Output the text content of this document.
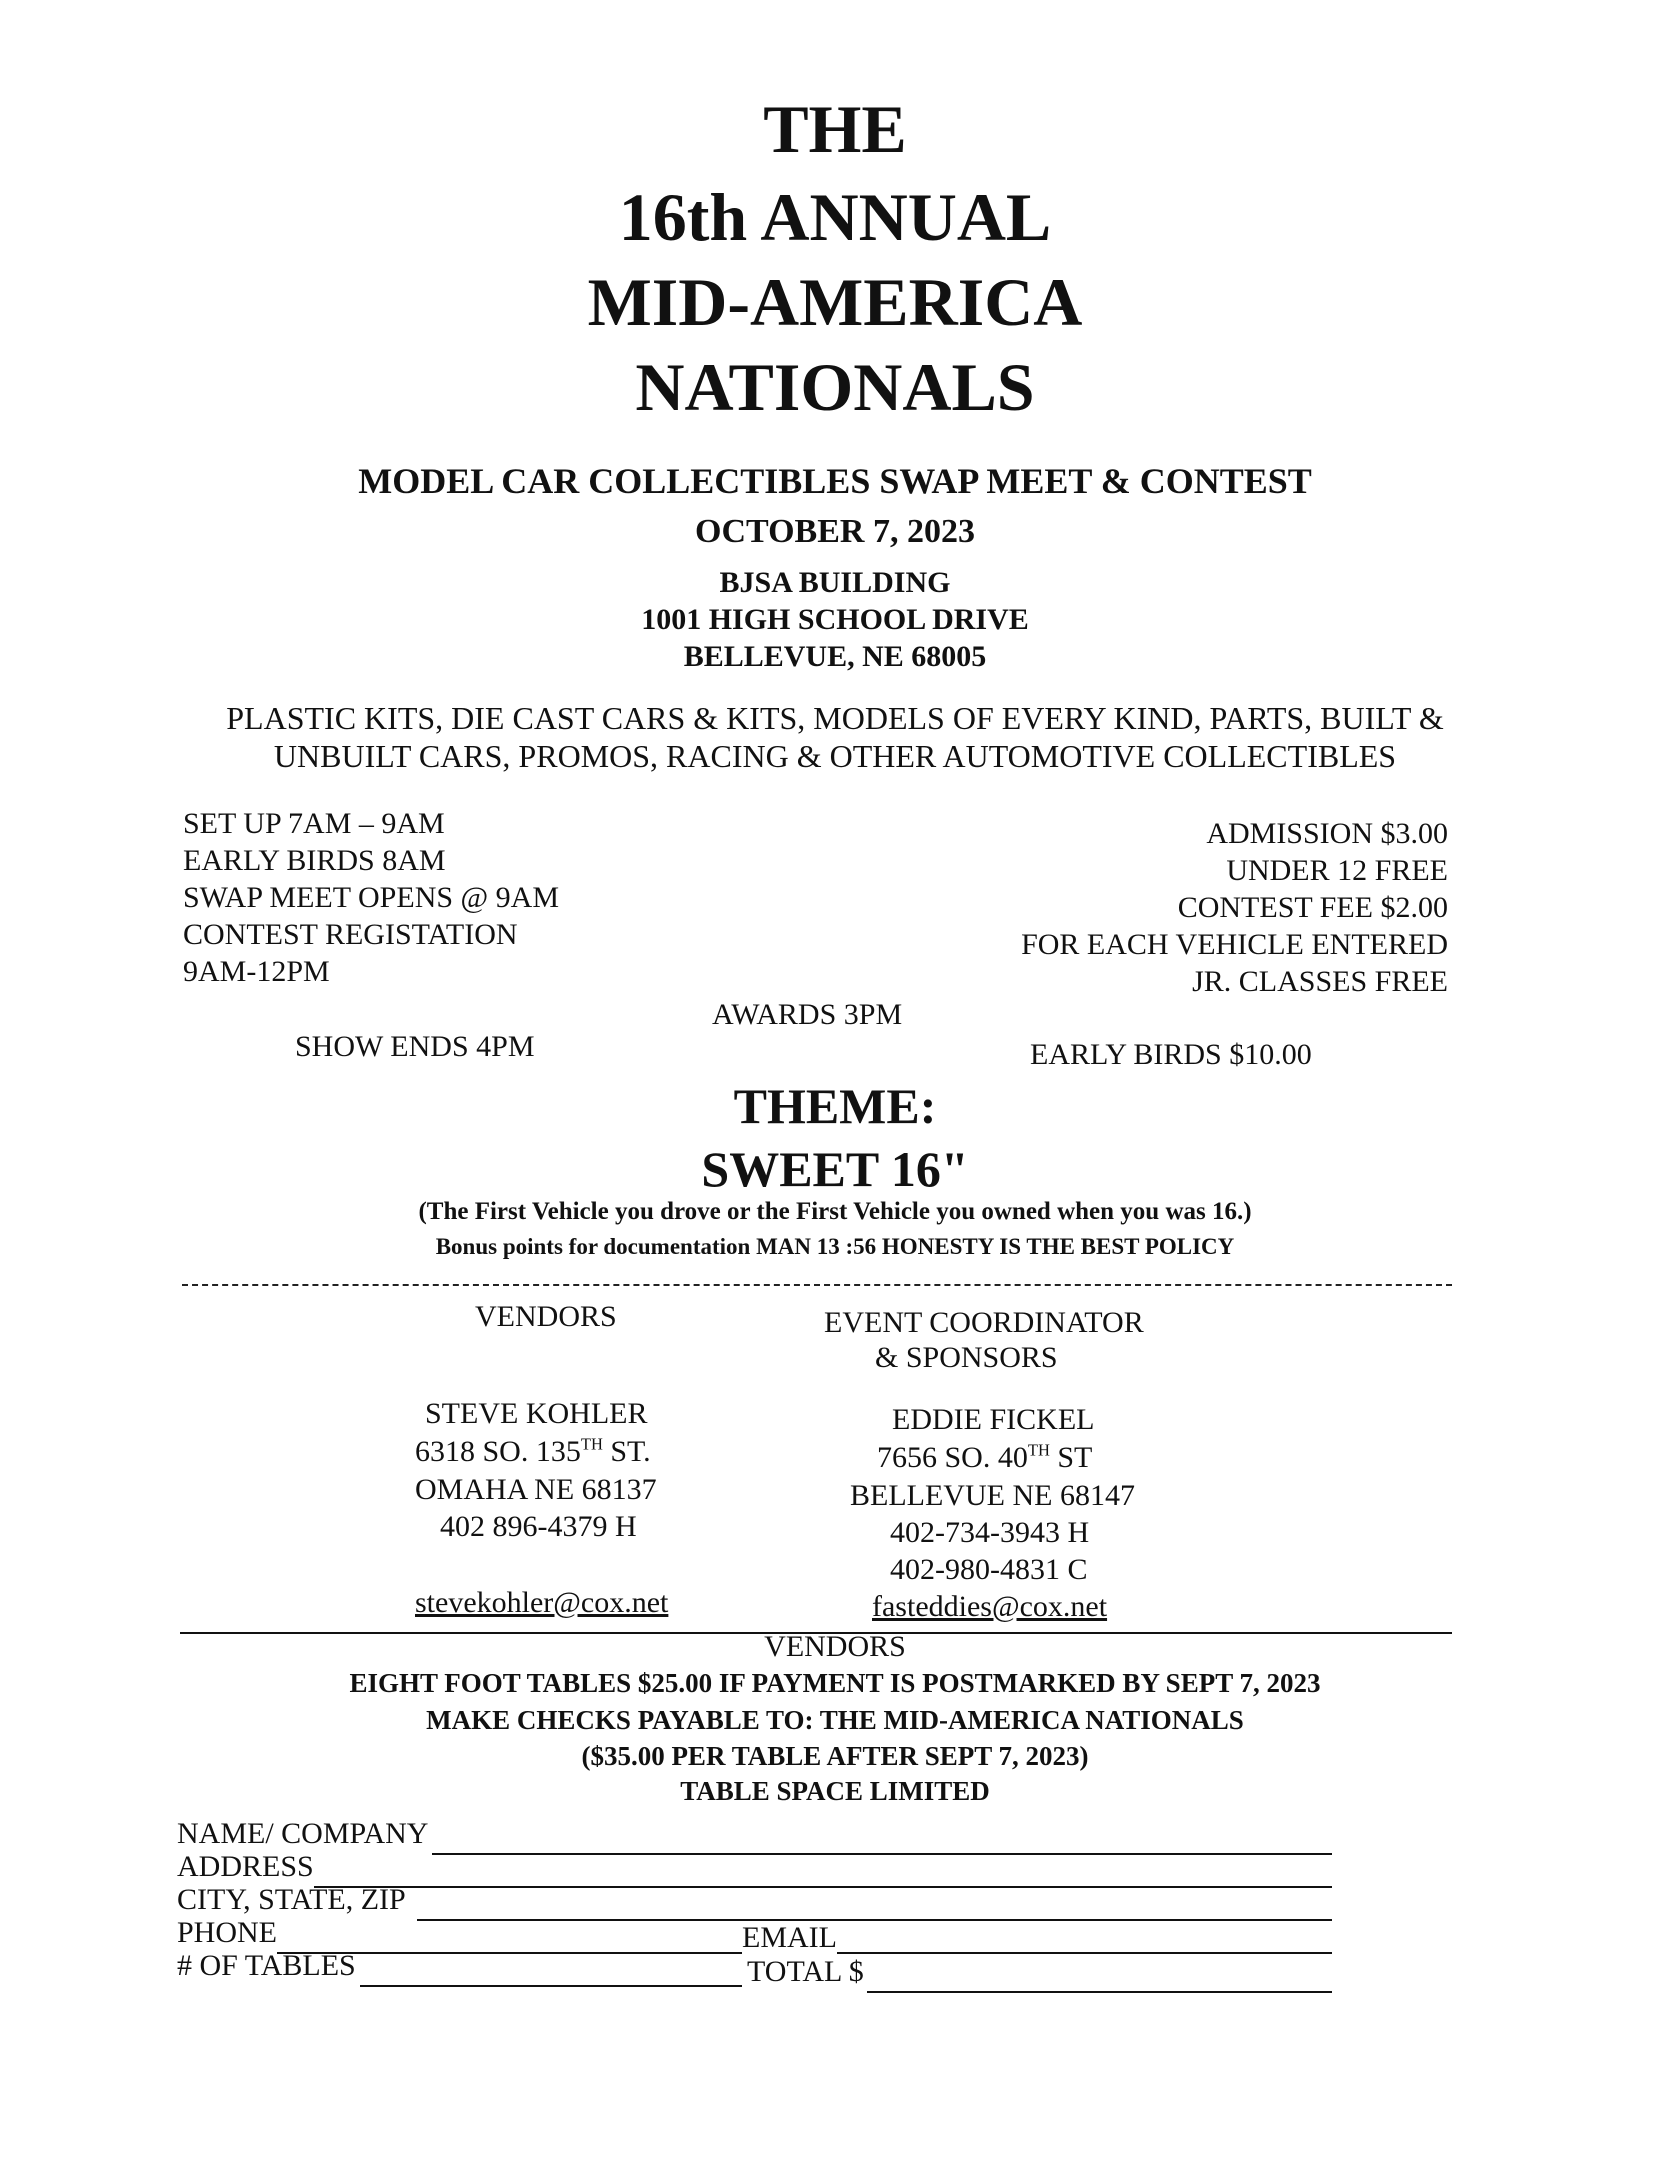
THE
16th ANNUAL
MID-AMERICA
NATIONALS
MODEL CAR COLLECTIBLES SWAP MEET & CONTEST
OCTOBER 7, 2023
BJSA BUILDING
1001 HIGH SCHOOL DRIVE
BELLEVUE, NE 68005
PLASTIC KITS, DIE CAST CARS & KITS, MODELS OF EVERY KIND, PARTS, BUILT &
UNBUILT CARS, PROMOS, RACING & OTHER AUTOMOTIVE COLLECTIBLES
SET UP 7AM – 9AM
EARLY BIRDS 8AM
SWAP MEET OPENS @ 9AM
CONTEST REGISTATION
9AM-12PM
SHOW ENDS 4PM
AWARDS 3PM
ADMISSION $3.00
UNDER 12 FREE
CONTEST FEE $2.00
FOR EACH VEHICLE ENTERED
JR. CLASSES FREE
EARLY BIRDS $10.00
THEME:
SWEET 16"
(The First Vehicle you drove or the First Vehicle you owned when you was 16.)
Bonus points for documentation MAN 13 :56 HONESTY IS THE BEST POLICY
VENDORS	EVENT COORDINATOR
& SPONSORS
STEVE KOHLER
6318 SO. 135TH ST.
OMAHA NE 68137
402 896-4379 H
stevekohler@cox.net
EDDIE FICKEL
7656 SO. 40TH ST
BELLEVUE NE 68147
402-734-3943 H
402-980-4831 C
fasteddies@cox.net
VENDORS
EIGHT FOOT TABLES $25.00 IF PAYMENT IS POSTMARKED BY SEPT 7, 2023
MAKE CHECKS PAYABLE TO: THE MID-AMERICA NATIONALS
($35.00 PER TABLE AFTER SEPT 7, 2023)
TABLE SPACE LIMITED
NAME/ COMPANY
ADDRESS
CITY, STATE, ZIP
PHONE	EMAIL
# OF TABLES	TOTAL $
